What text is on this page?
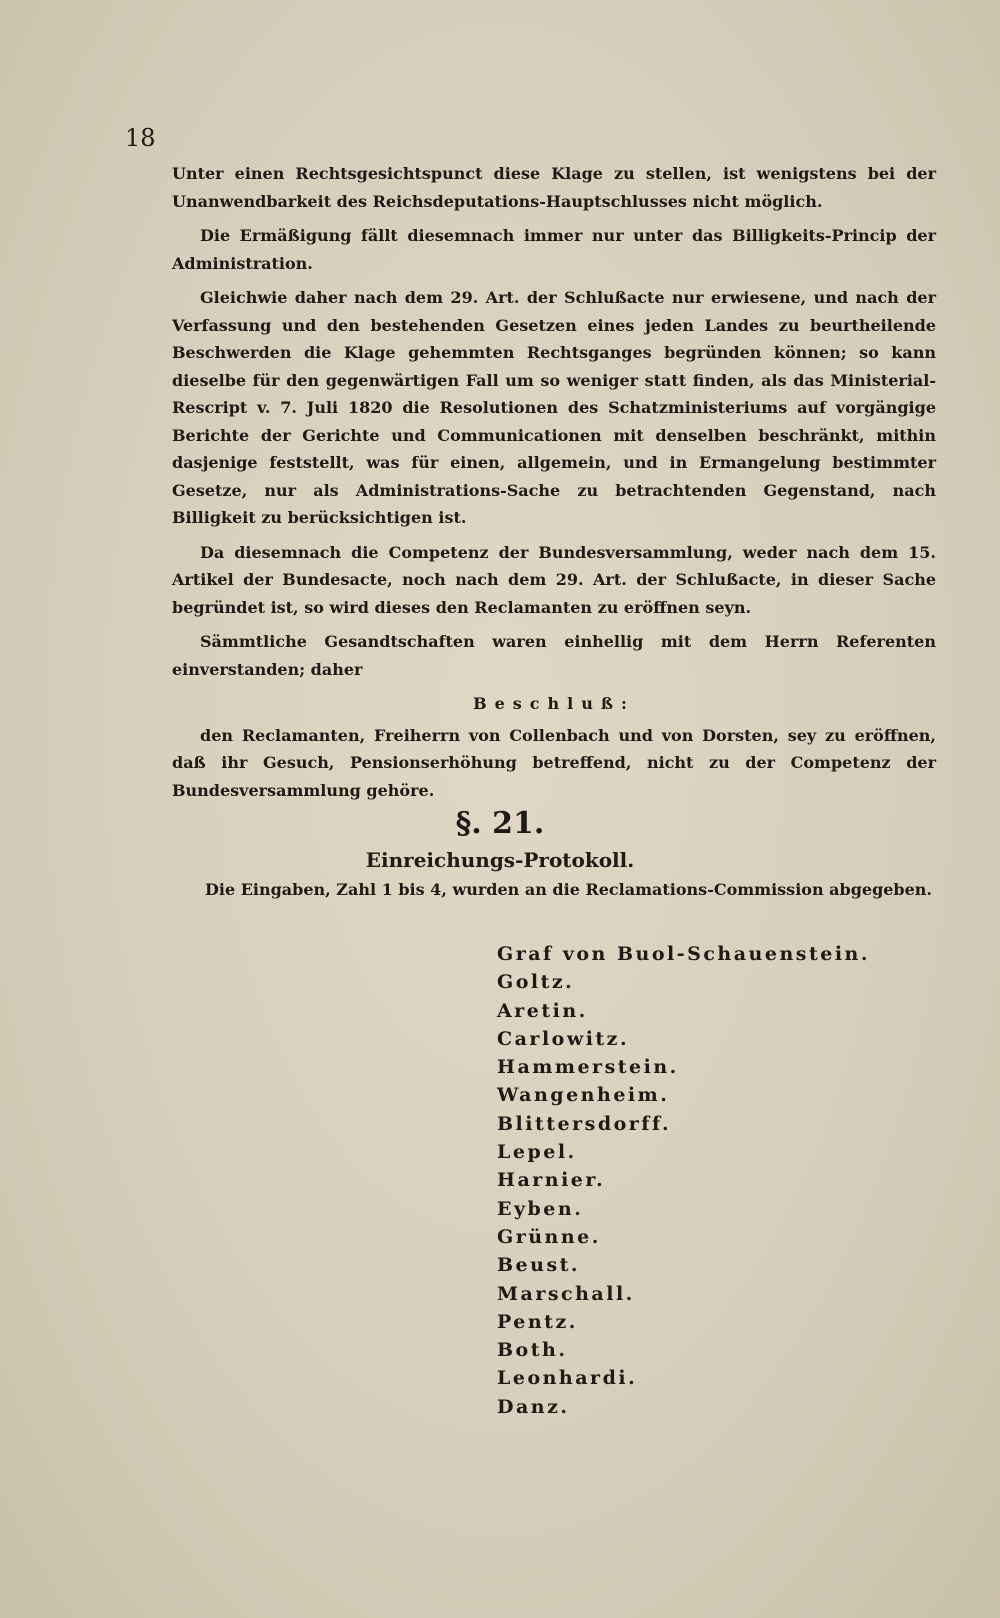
18

Unter einen Rechtsgesichtspunct diese Klage zu stellen, ist wenigstens bei der Unanwendbarkeit des Reichsdeputations-Hauptschlusses nicht möglich.

Die Ermäßigung fällt diesemnach immer nur unter das Billigkeits-Princip der Administration.

Gleichwie daher nach dem 29. Art. der Schlußacte nur erwiesene, und nach der Verfassung und den bestehenden Gesetzen eines jeden Landes zu beurtheilende Beschwerden die Klage gehemmten Rechtsganges begründen können; so kann dieselbe für den gegenwärtigen Fall um so weniger statt finden, als das Ministerial-Rescript v. 7. Juli 1820 die Resolutionen des Schatzministeriums auf vorgängige Berichte der Gerichte und Communicationen mit denselben beschränkt, mithin dasjenige feststellt, was für einen, allgemein, und in Ermangelung bestimmter Gesetze, nur als Administrations-Sache zu betrachtenden Gegenstand, nach Billigkeit zu berücksichtigen ist.

Da diesemnach die Competenz der Bundesversammlung, weder nach dem 15. Artikel der Bundesacte, noch nach dem 29. Art. der Schlußacte, in dieser Sache begründet ist, so wird dieses den Reclamanten zu eröffnen seyn.

Sämmtliche Gesandtschaften waren einhellig mit dem Herrn Referenten einverstanden; daher

Beschluß:

den Reclamanten, Freiherrn von Collenbach und von Dorsten, sey zu eröffnen, daß ihr Gesuch, Pensionserhöhung betreffend, nicht zu der Competenz der Bundesversammlung gehöre.

§. 21.
Einreichungs-Protokoll.
Die Eingaben, Zahl 1 bis 4, wurden an die Reclamations-Commission abgegeben.
Graf von Buol-Schauenstein.
Goltz.
Aretin.
Carlowitz.
Hammerstein.
Wangenheim.
Blittersdorff.
Lepel.
Harnier.
Eyben.
Grünne.
Beust.
Marschall.
Pentz.
Both.
Leonhardi.
Danz.
